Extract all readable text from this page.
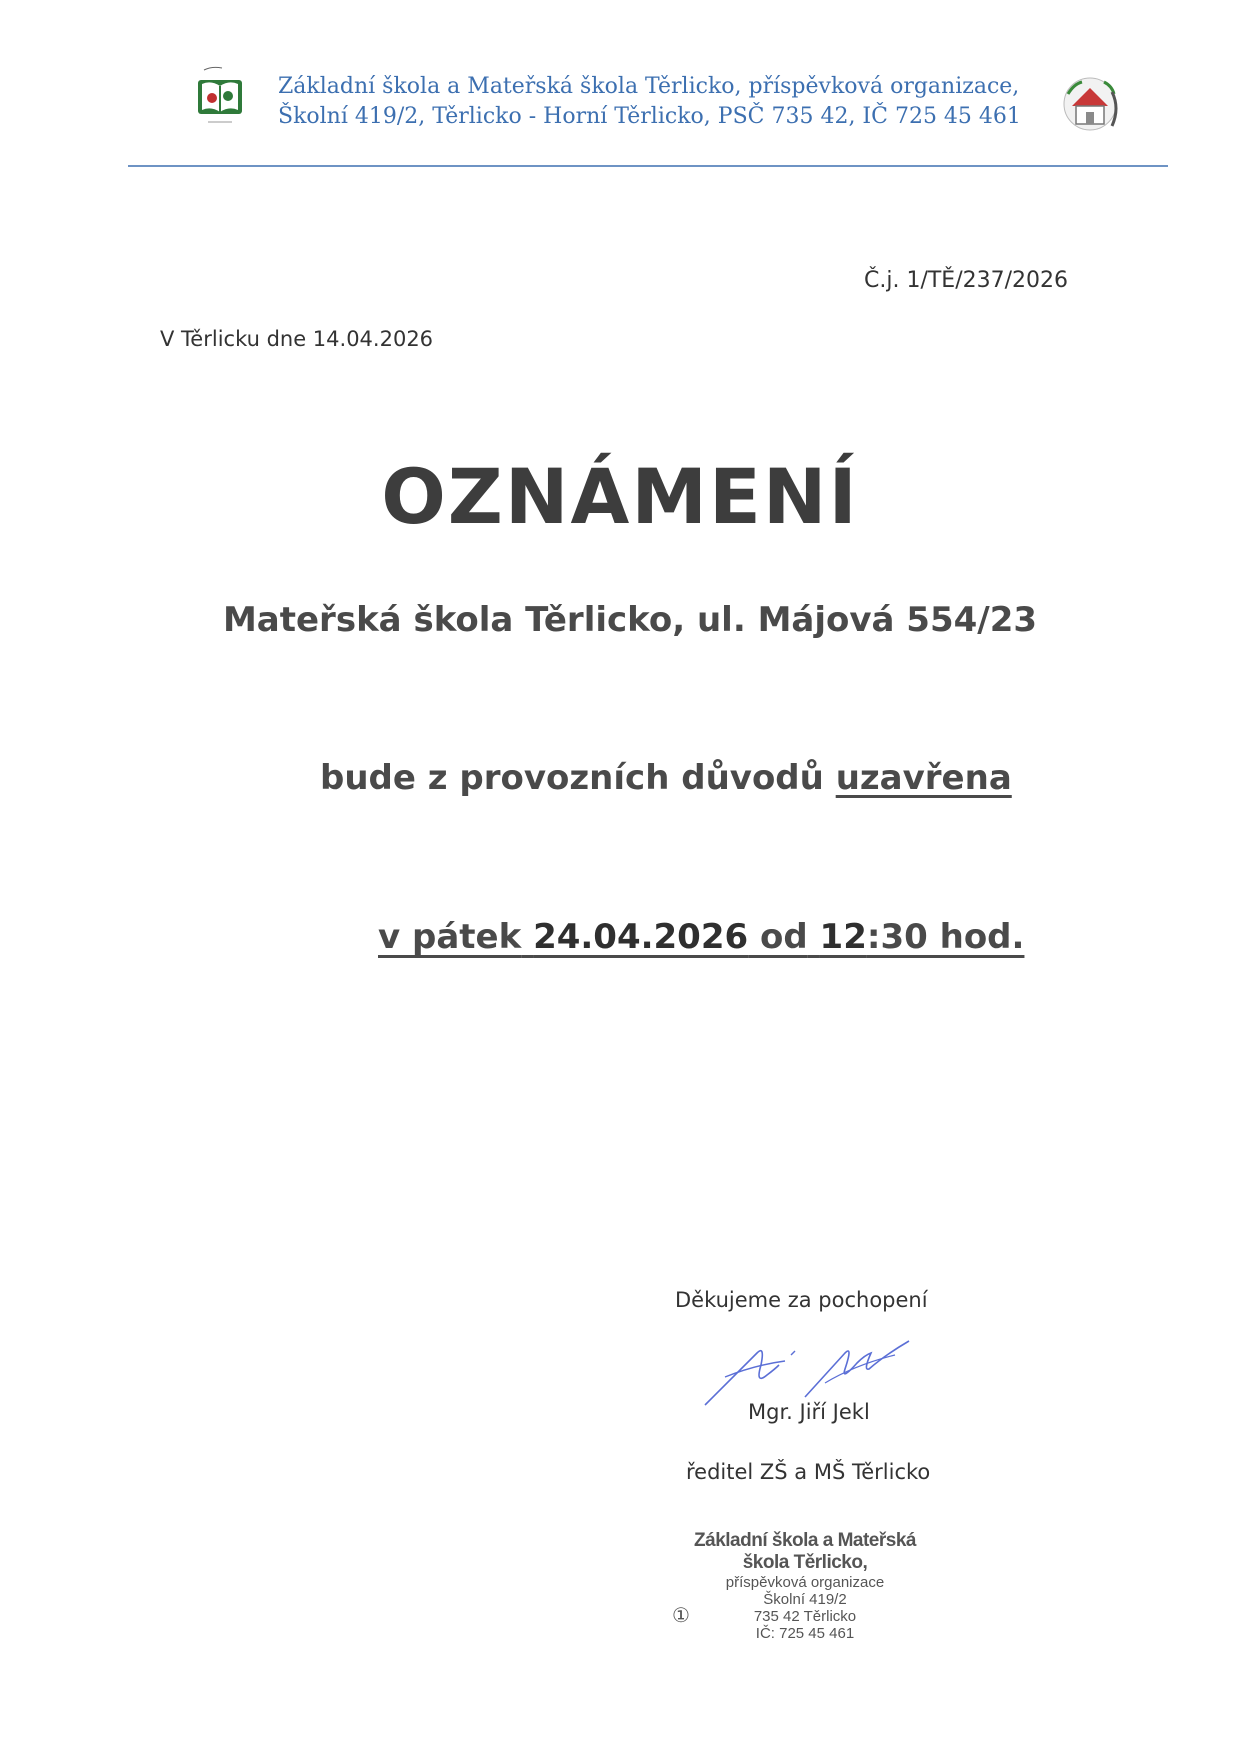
Základní škola a Mateřská škola Těrlicko, příspěvková organizace,
Školní 419/2, Těrlicko - Horní Těrlicko, PSČ 735 42, IČ 725 45 461
Č.j. 1/TĚ/237/2026
V Těrlicku dne 14.04.2026
OZNÁMENÍ
Mateřská škola Těrlicko, ul. Májová 554/23
bude z provozních důvodů uzavřena
v pátek 24.04.2026 od 12:30 hod.
Děkujeme za pochopení
Mgr. Jiří Jekl
ředitel ZŠ a MŠ Těrlicko
Základní škola a Mateřská škola Těrlicko,
příspěvková organizace
Školní 419/2
735 42 Těrlicko
IČ: 725 45 461
①
